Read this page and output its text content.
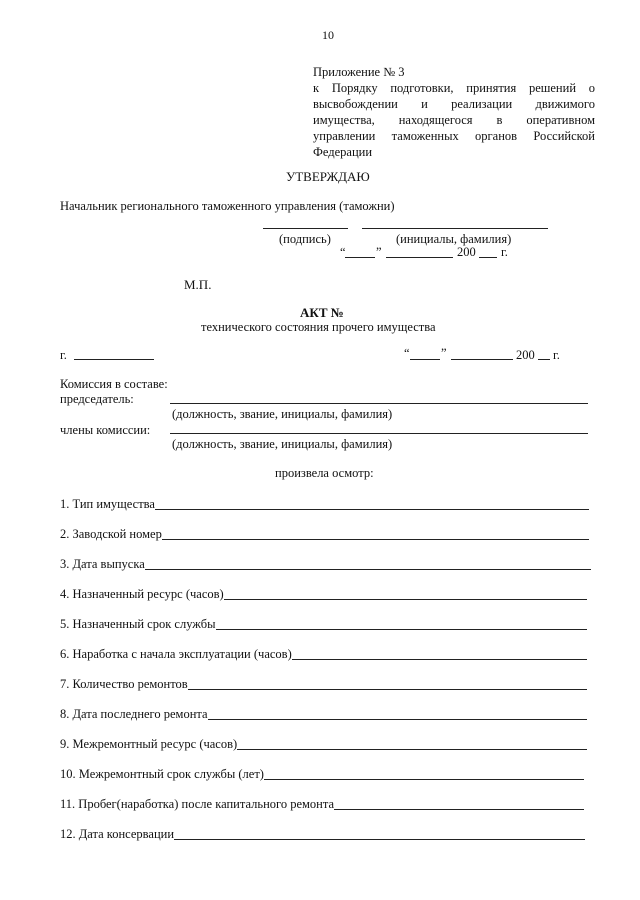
10
Приложение № 3
к Порядку подготовки, принятия решений о высвобождении и реализации движимого имущества, находящегося в оперативном управлении таможенных органов Российской Федерации
УТВЕРЖДАЮ
Начальник регионального таможенного управления (таможни)
(подпись)	(инициалы, фамилия)
“ ”	200 г.
М.П.
АКТ №
технического состояния прочего имущества
г.	“	”	200 г.
Комиссия в составе:
председатель:
(должность, звание, инициалы, фамилия)
члены комиссии:
(должность, звание, инициалы, фамилия)
произвела осмотр:
1. Тип имущества
2. Заводской номер
3. Дата выпуска
4. Назначенный ресурс (часов)
5. Назначенный срок службы
6. Наработка с начала эксплуатации (часов)
7. Количество ремонтов
8. Дата последнего ремонта
9. Межремонтный ресурс (часов)
10. Межремонтный срок службы (лет)
11. Пробег(наработка) после капитального ремонта
12. Дата консервации
